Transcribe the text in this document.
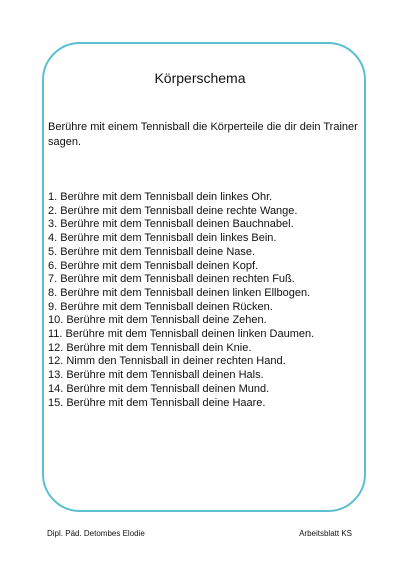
Körperschema

Berühre mit einem Tennisball die Körperteile die dir dein Trainer sagen.

1. Berühre mit dem Tennisball dein linkes Ohr.
2. Berühre mit dem Tennisball deine rechte Wange.
3. Berühre mit dem Tennisball deinen Bauchnabel.
4. Berühre mit dem Tennisball dein linkes Bein.
5. Berühre mit dem Tennisball deine Nase.
6. Berühre mit dem Tennisball deinen Kopf.
7. Berühre mit dem Tennisball deinen rechten Fuß.
8. Berühre mit dem Tennisball deinen linken Ellbogen.
9. Berühre mit dem Tennisball deinen Rücken.
10. Berühre mit dem Tennisball deine Zehen.
11. Berühre mit dem Tennisball deinen linken Daumen.
12. Berühre mit dem Tennisball dein Knie.
12. Nimm den Tennisball in deiner rechten Hand.
13. Berühre mit dem Tennisball deinen Hals.
14. Berühre mit dem Tennisball deinen Mund.
15. Berühre mit dem Tennisball deine Haare.

Dipl. Päd. Detombes Elodie	Arbeitsblatt KS
